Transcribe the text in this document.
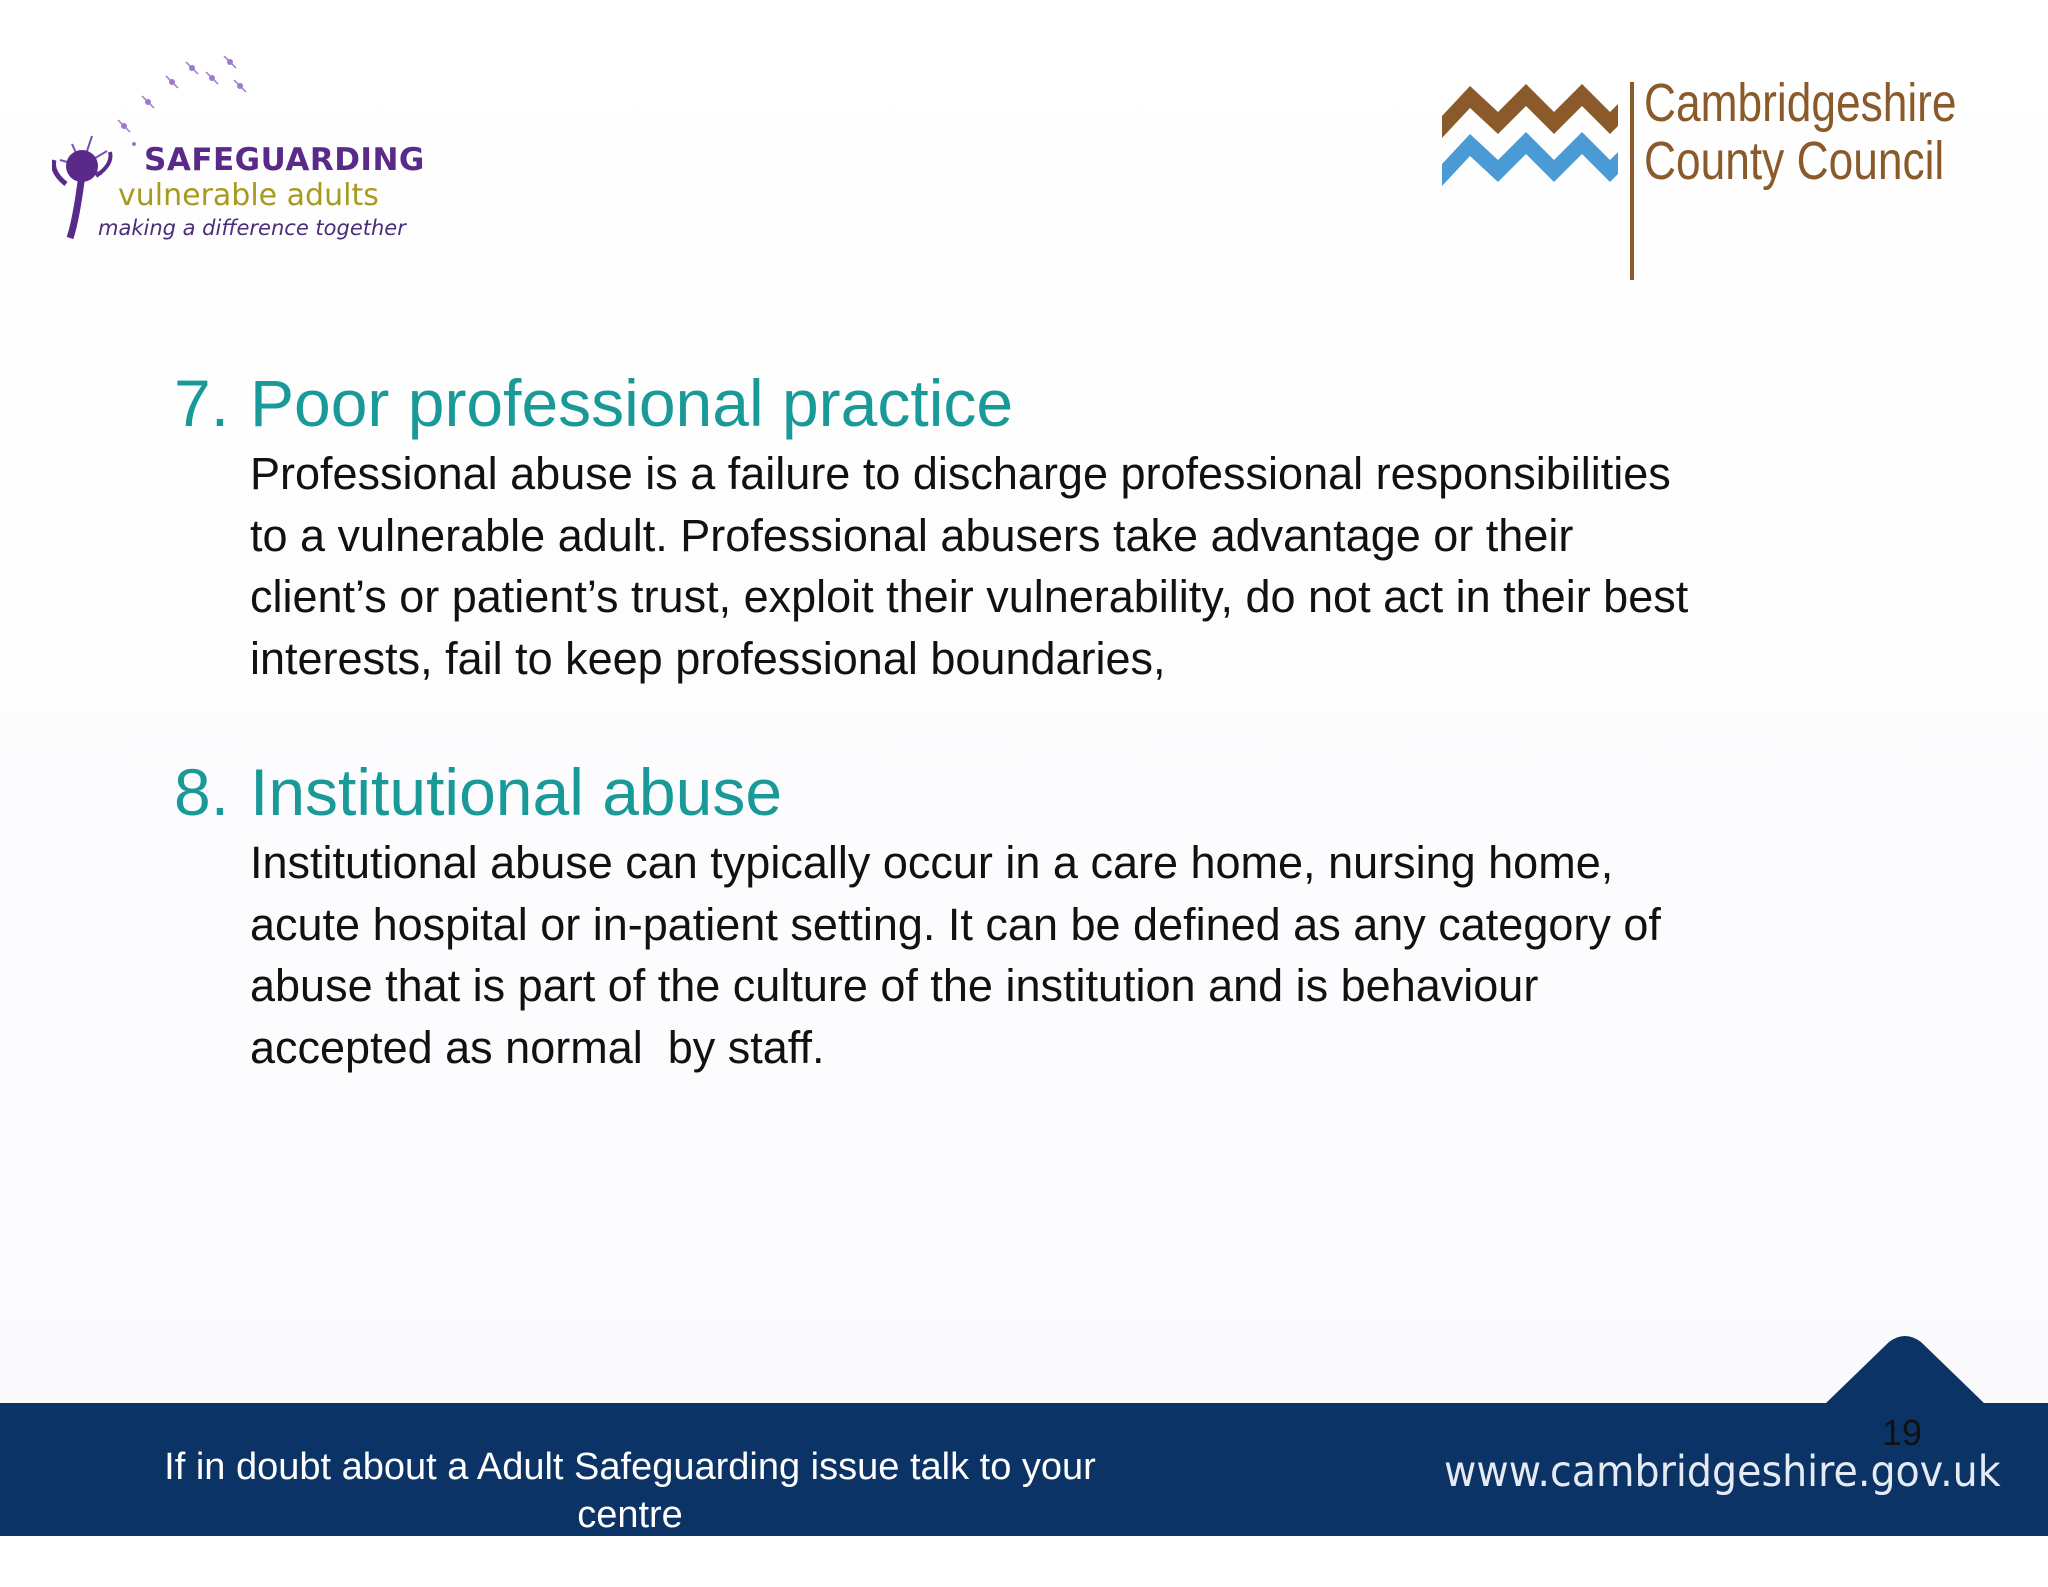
SAFEGUARDING
vulnerable adults
making a difference together
Cambridgeshire
County Council
7. Poor professional practice
Professional abuse is a failure to discharge professional responsibilities
to a vulnerable adult. Professional abusers take advantage or their
client’s or patient’s trust, exploit their vulnerability, do not act in their best
interests, fail to keep professional boundaries,
8. Institutional abuse
Institutional abuse can typically occur in a care home, nursing home,
acute hospital or in-patient setting. It can be defined as any category of
abuse that is part of the culture of the institution and is behaviour
accepted as normal  by staff.
If in doubt about a Adult Safeguarding issue talk to your centre
manager or use the contact details in your resources folder
www.cambridgeshire.gov.uk
19
